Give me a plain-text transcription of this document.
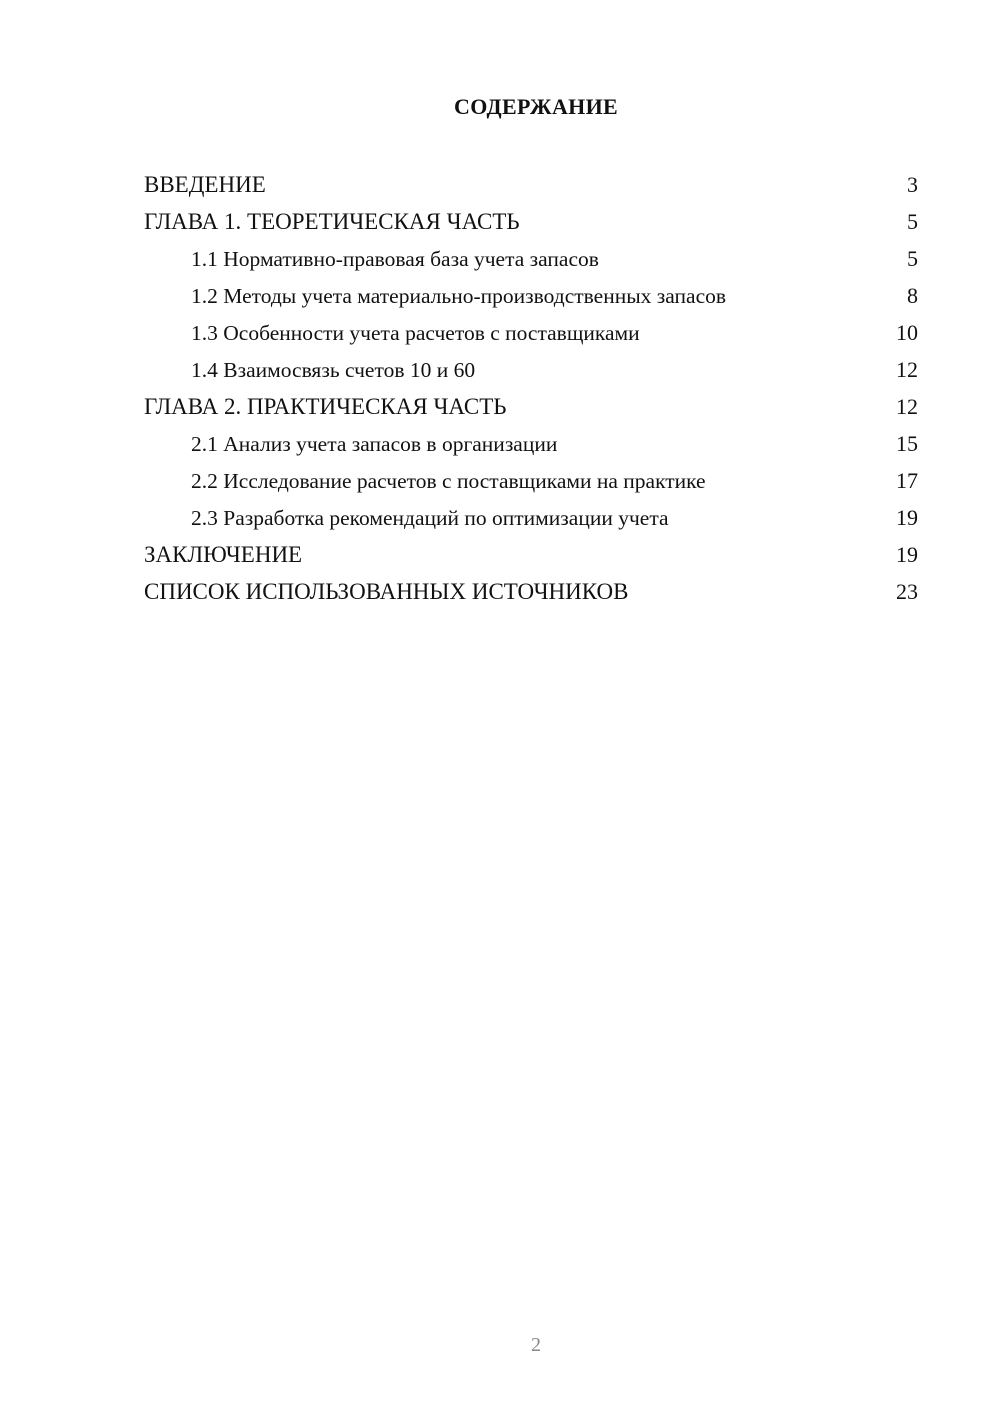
СОДЕРЖАНИЕ
ВВЕДЕНИЕ	3
ГЛАВА 1. ТЕОРЕТИЧЕСКАЯ ЧАСТЬ	5
1.1 Нормативно-правовая база учета запасов	5
1.2 Методы учета материально-производственных запасов	8
1.3 Особенности учета расчетов с поставщиками	10
1.4 Взаимосвязь счетов 10 и 60	12
ГЛАВА 2. ПРАКТИЧЕСКАЯ ЧАСТЬ	12
2.1 Анализ учета запасов в организации	15
2.2 Исследование расчетов с поставщиками на практике	17
2.3 Разработка рекомендаций по оптимизации учета	19
ЗАКЛЮЧЕНИЕ	19
СПИСОК ИСПОЛЬЗОВАННЫХ ИСТОЧНИКОВ	23
2
